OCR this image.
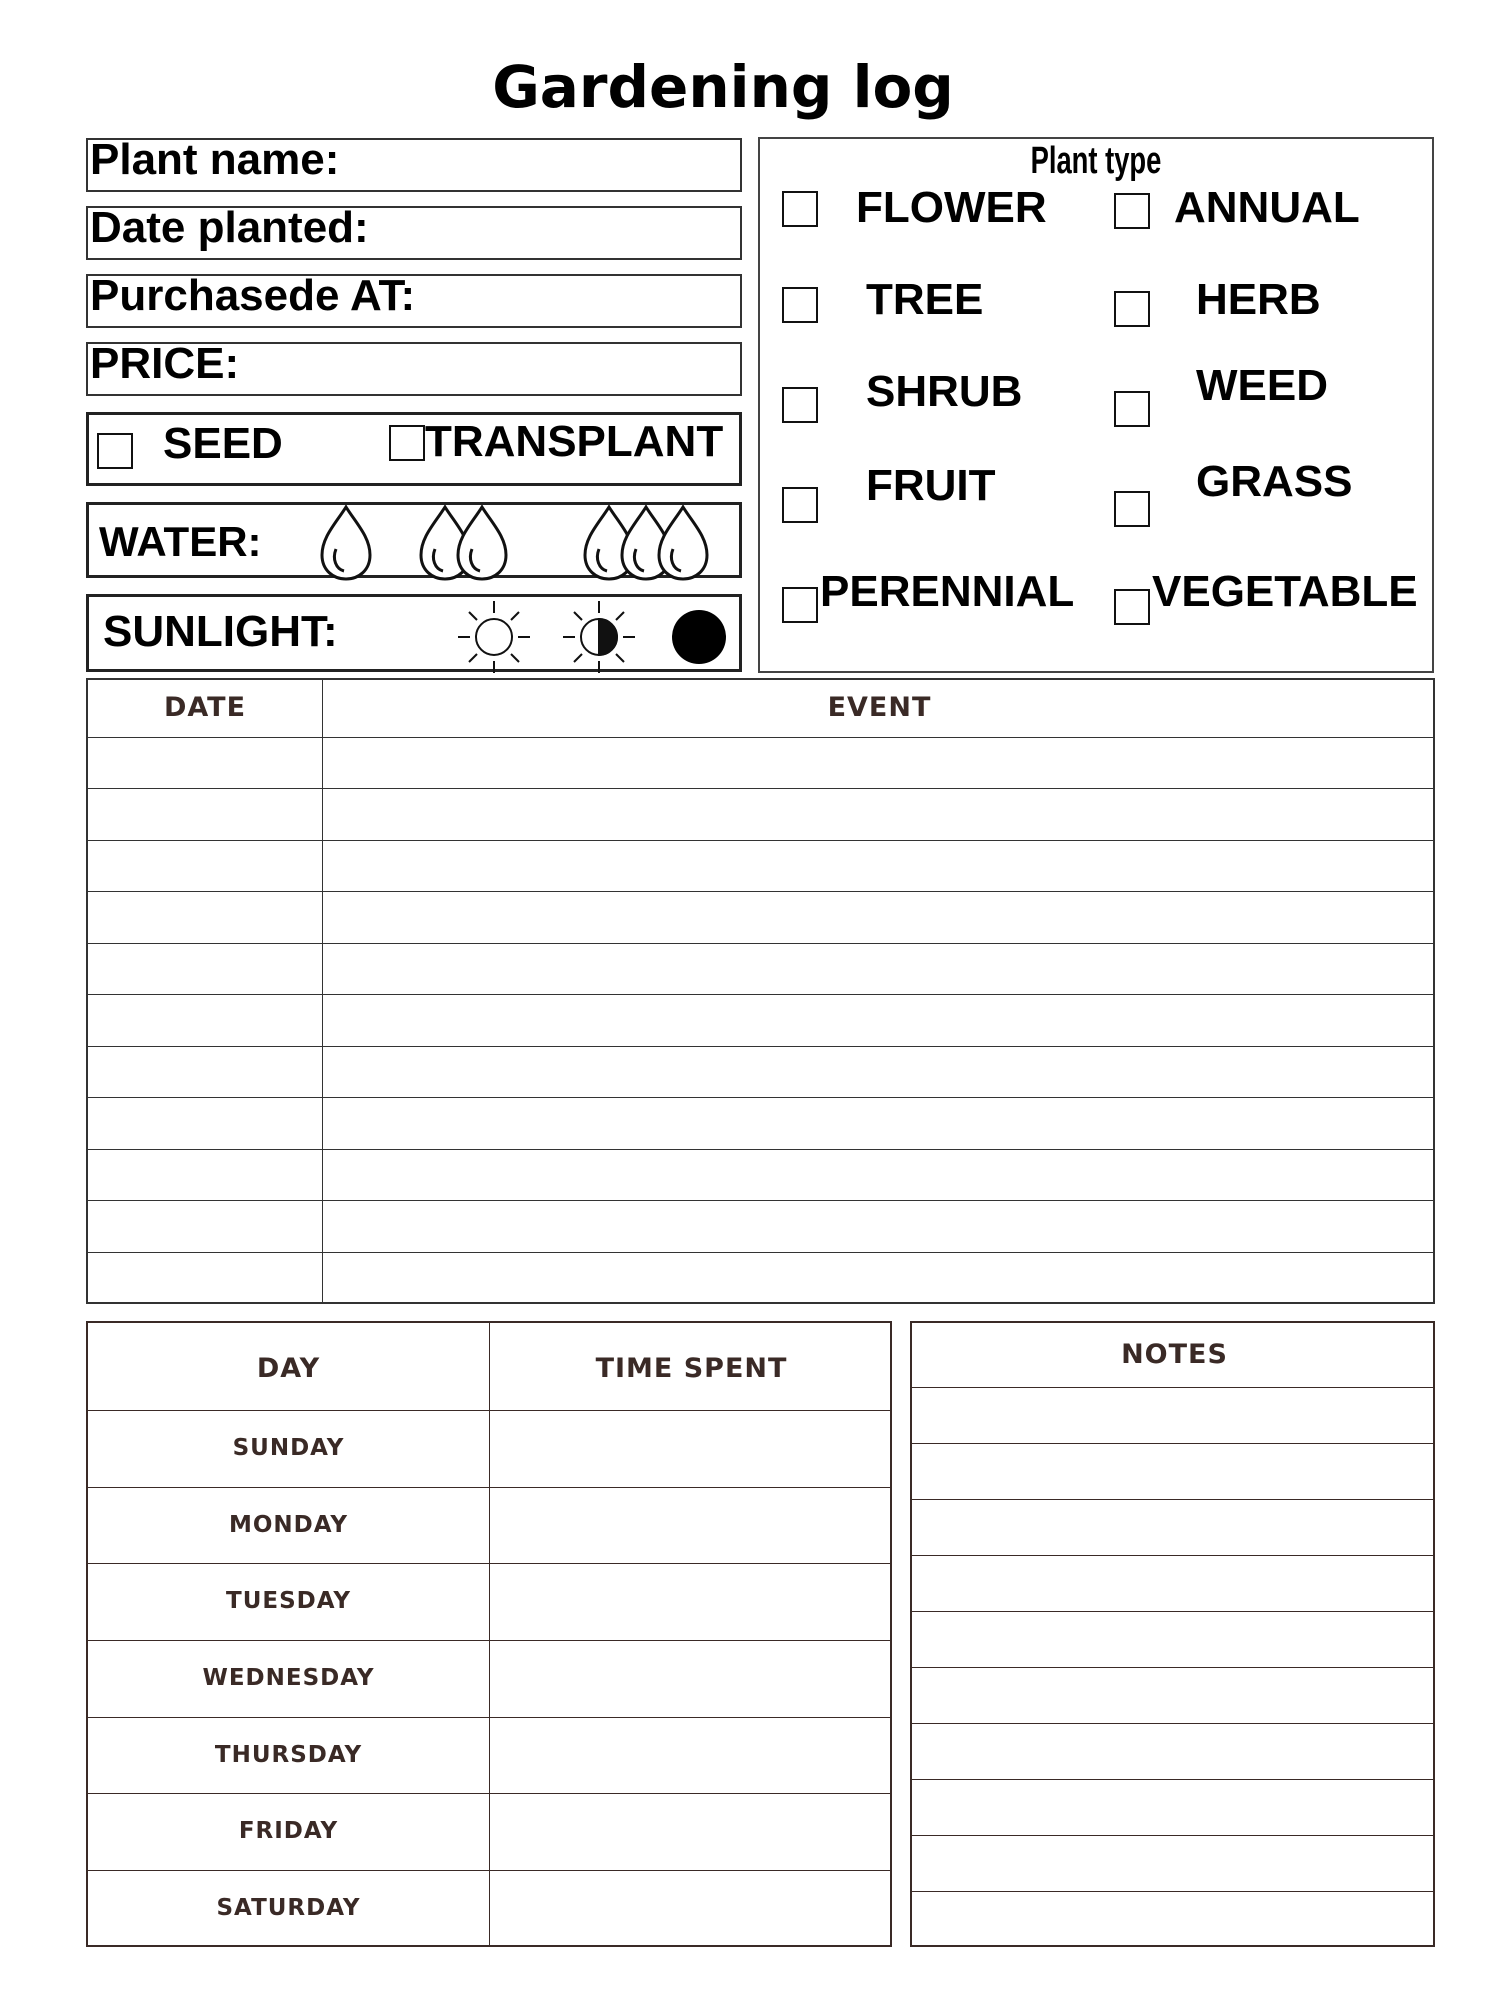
Gardening log
Plant name:
Date planted:
Purchasede AT:
PRICE:
SEED	TRANSPLANT
WATER:
SUNLIGHT:
Plant type
FLOWER	ANNUAL
TREE	HERB
SHRUB	WEED
FRUIT	GRASS
PERENNIAL VEGETABLE
DATE	EVENT
DAY	TIME SPENT
SUNDAY
MONDAY
TUESDAY
WEDNESDAY
THURSDAY
FRIDAY
SATURDAY
NOTES
